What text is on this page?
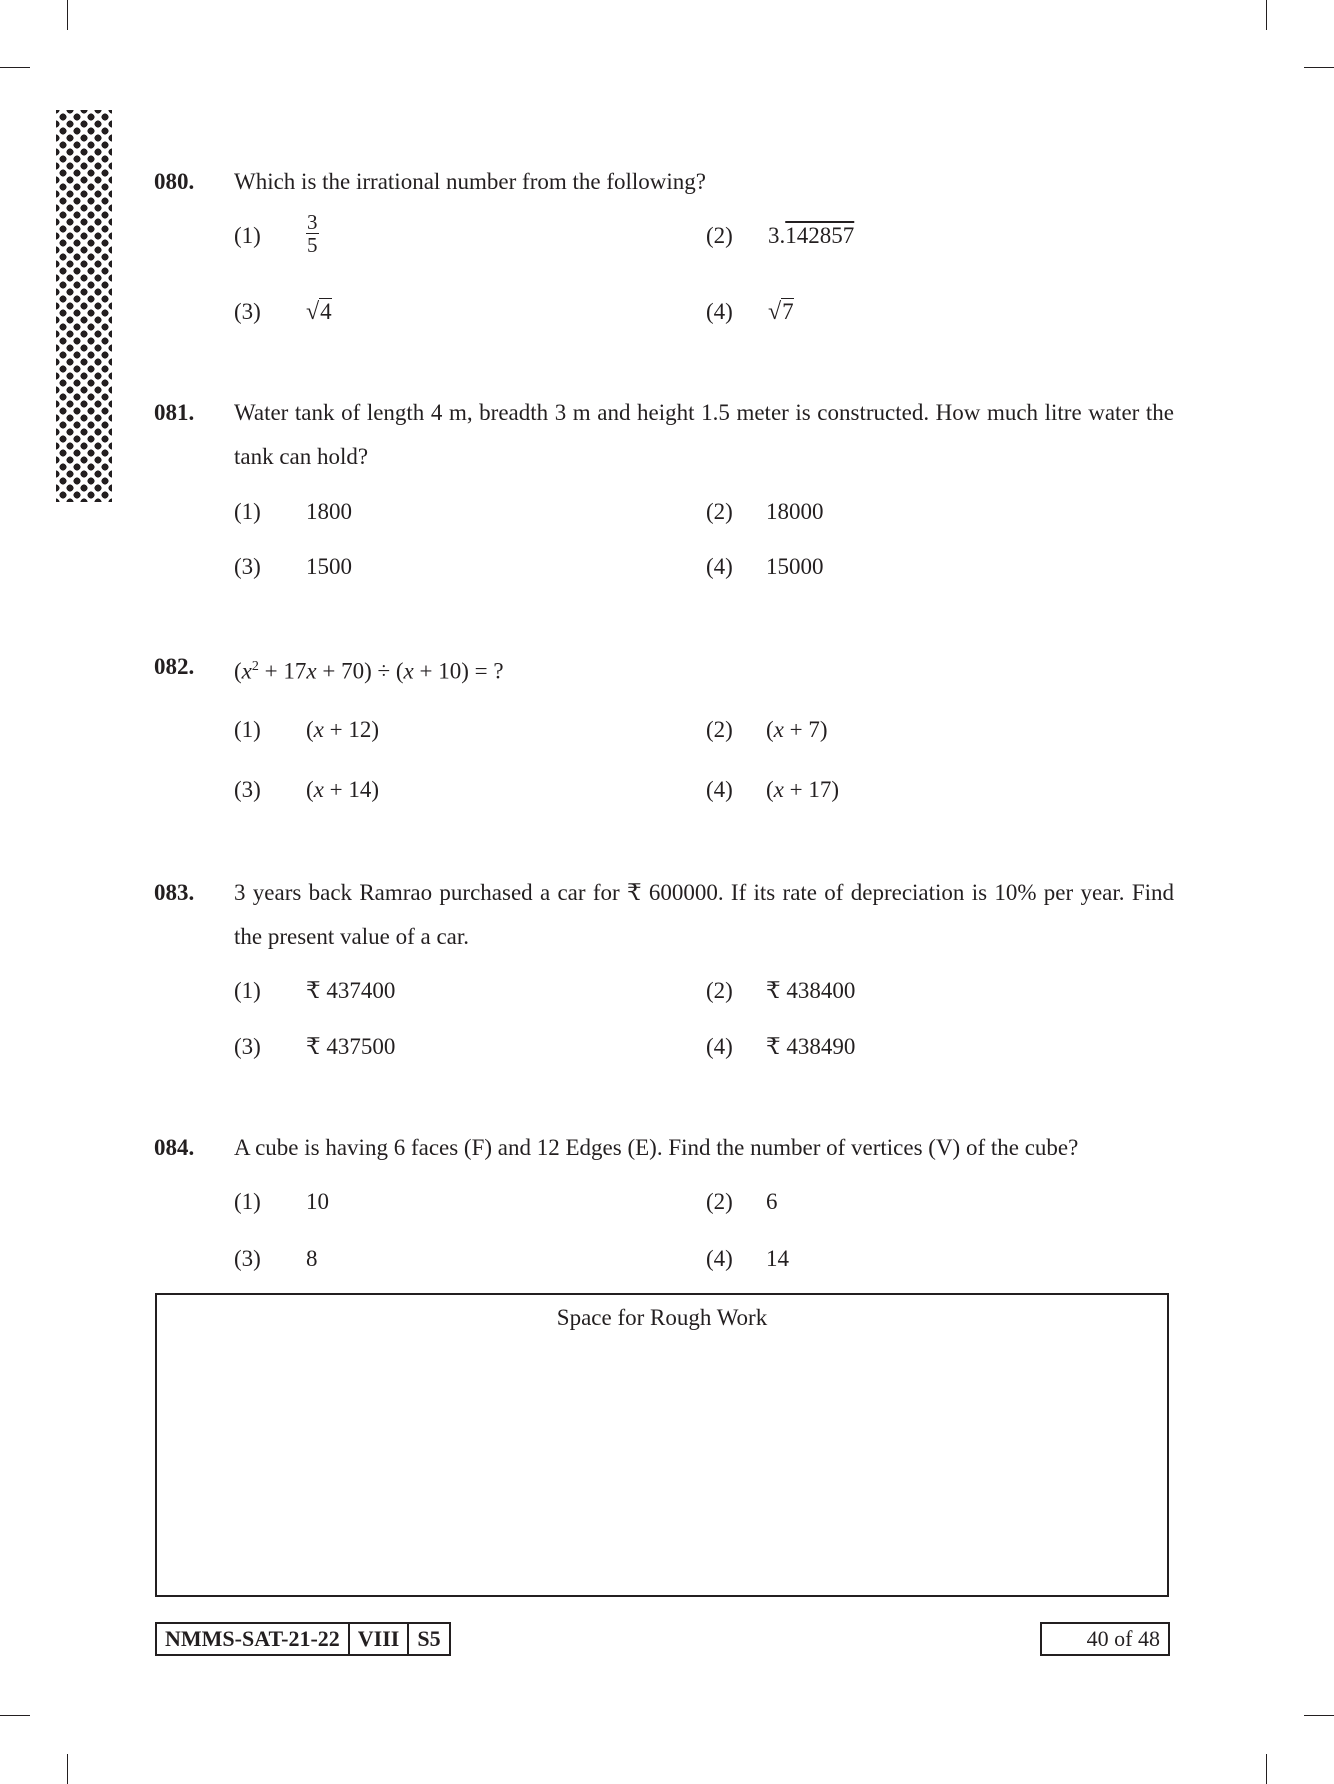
080. Which is the irrational number from the following?
$(1) \frac{3}{5}$	(2) 3.142857
(3) √4	(4) √7
081. Water tank of length 4 m, breadth 3 m and height 1.5 meter is constructed. How much litre water the tank can hold?
(1) 1800	(2) 18000
(3) 1500	(4) 15000
082. $(x^2 + 17x + 70) \div (x + 10)$ = ?
(1) (x + 12)	(2) (x + 7)
(3) (x + 14)	(4) (x + 17)
083. 3 years back Ramrao purchased a car for ₹ 600000. If its rate of depreciation is 10% per year. Find the present value of a car.
(1) ₹ 437400	(2) ₹ 438400
(3) ₹ 437500	(4) ₹ 438490
084. A cube is having 6 faces (F) and 12 Edges (E). Find the number of vertices (V) of the cube?
(1) 10	(2) 6
(3) 8	(4) 14
Space for Rough Work
NMMS-SAT-21-22 VIII S5	40 of 48
